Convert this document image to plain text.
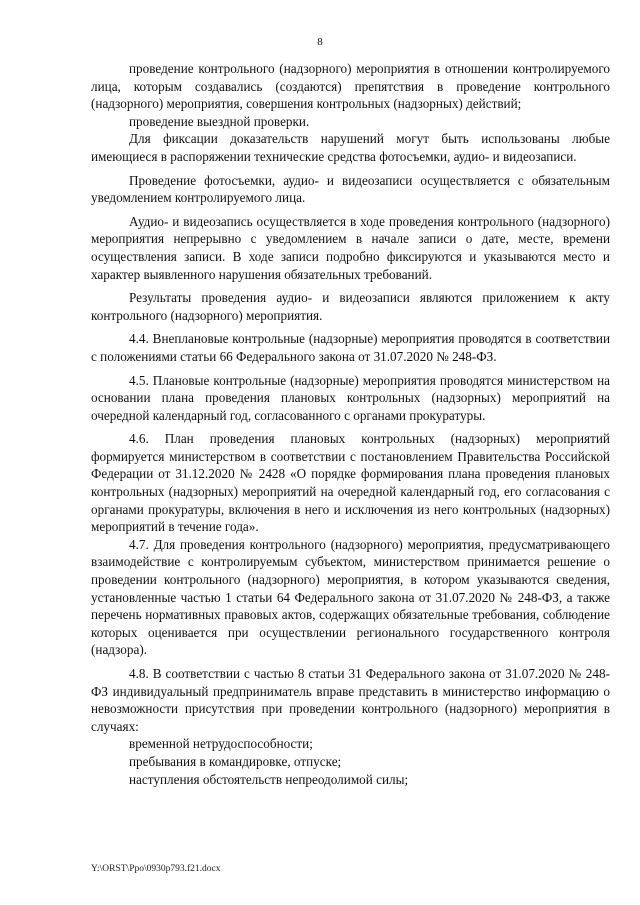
8

проведение контрольного (надзорного) мероприятия в отношении контролируемого лица, которым создавались (создаются) препятствия в проведение контрольного (надзорного) мероприятия, совершения контрольных (надзорных) действий;

проведение выездной проверки.

Для фиксации доказательств нарушений могут быть использованы любые имеющиеся в распоряжении технические средства фотосъемки, аудио- и видеозаписи.

Проведение фотосъемки, аудио- и видеозаписи осуществляется с обязательным уведомлением контролируемого лица.

Аудио- и видеозапись осуществляется в ходе проведения контрольного (надзорного) мероприятия непрерывно с уведомлением в начале записи о дате, месте, времени осуществления записи. В ходе записи подробно фиксируются и указываются место и характер выявленного нарушения обязательных требований.

Результаты проведения аудио- и видеозаписи являются приложением к акту контрольного (надзорного) мероприятия.

4.4. Внеплановые контрольные (надзорные) мероприятия проводятся в соответствии с положениями статьи 66 Федерального закона от 31.07.2020 № 248-ФЗ.

4.5. Плановые контрольные (надзорные) мероприятия проводятся министерством на основании плана проведения плановых контрольных (надзорных) мероприятий на очередной календарный год, согласованного с органами прокуратуры.

4.6. План проведения плановых контрольных (надзорных) мероприятий формируется министерством в соответствии с постановлением Правительства Российской Федерации от 31.12.2020 № 2428 «О порядке формирования плана проведения плановых контрольных (надзорных) мероприятий на очередной календарный год, его согласования с органами прокуратуры, включения в него и исключения из него контрольных (надзорных) мероприятий в течение года».

4.7. Для проведения контрольного (надзорного) мероприятия, предусматривающего взаимодействие с контролируемым субъектом, министерством принимается решение о проведении контрольного (надзорного) мероприятия, в котором указываются сведения, установленные частью 1 статьи 64 Федерального закона от 31.07.2020 № 248-ФЗ, а также перечень нормативных правовых актов, содержащих обязательные требования, соблюдение которых оценивается при осуществлении регионального государственного контроля (надзора).

4.8. В соответствии с частью 8 статьи 31 Федерального закона от 31.07.2020 № 248-ФЗ индивидуальный предприниматель вправе представить в министерство информацию о невозможности присутствия при проведении контрольного (надзорного) мероприятия в случаях:

временной нетрудоспособности;

пребывания в командировке, отпуске;

наступления обстоятельств непреодолимой силы;

Y:\ORST\Ppo\0930p793.f21.docx
